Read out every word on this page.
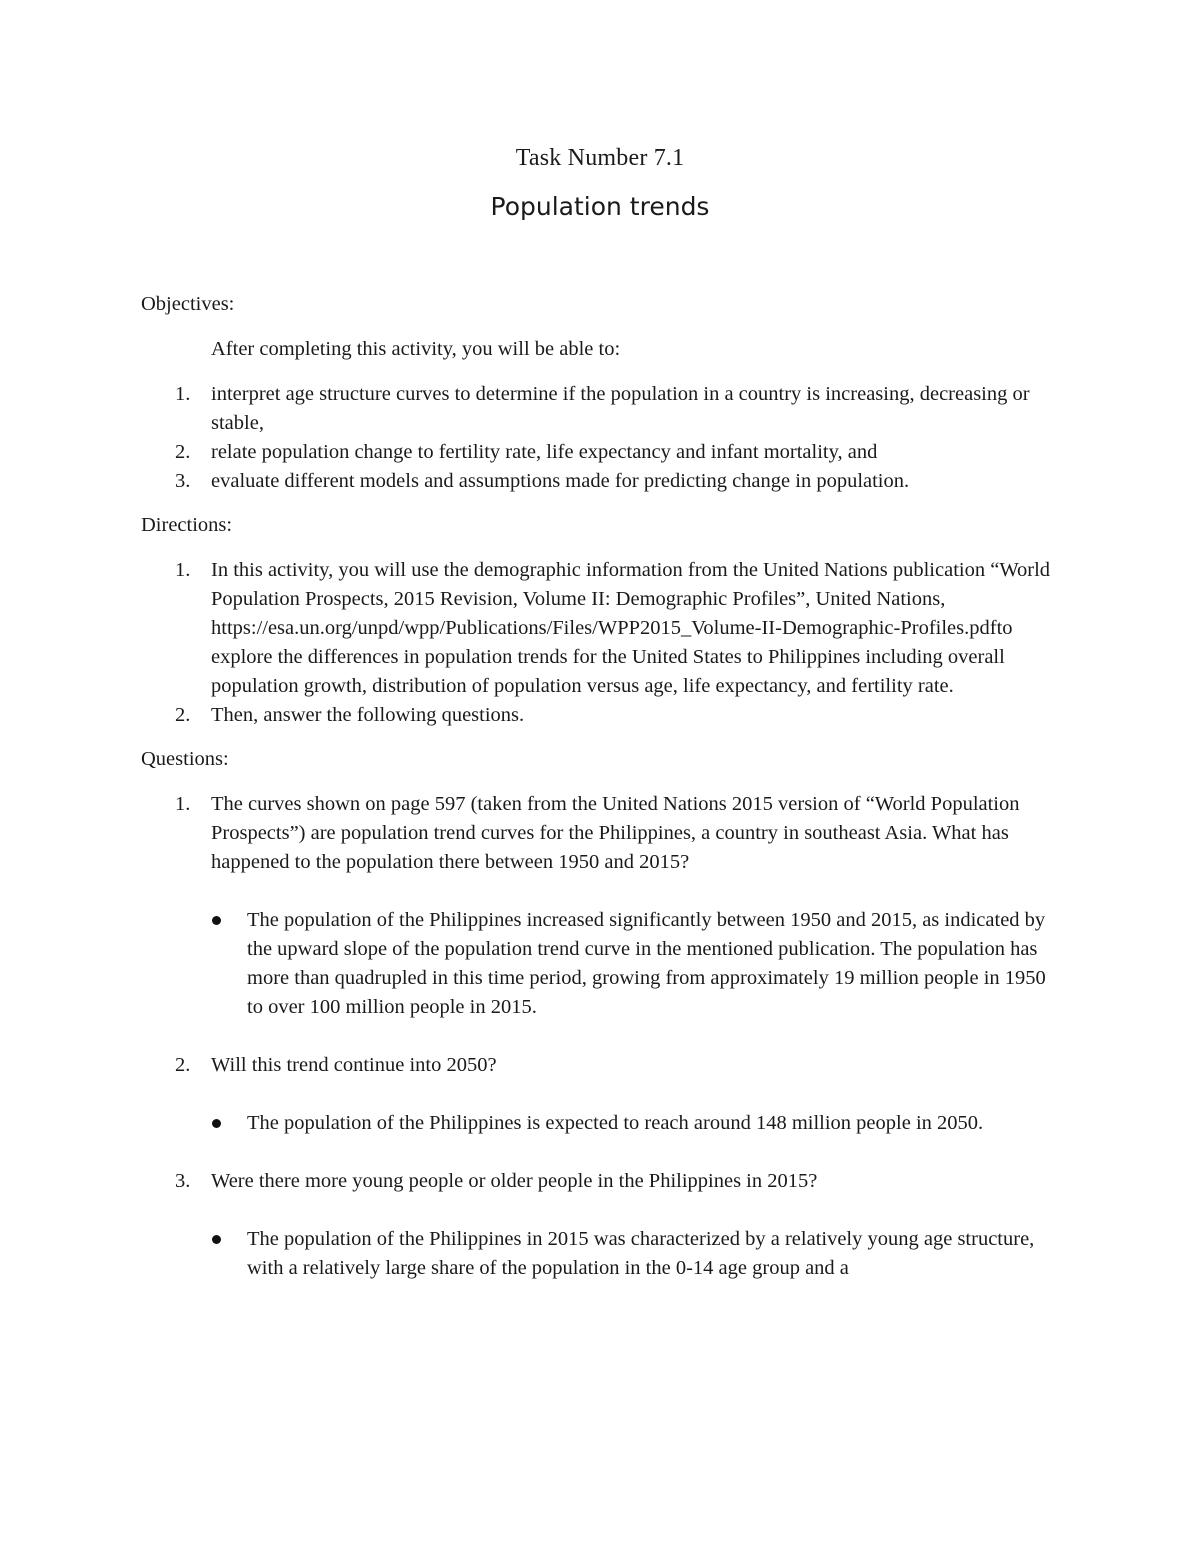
Task Number 7.1
Population trends

Objectives:

After completing this activity, you will be able to:

1.	interpret age structure curves to determine if the population in a country is increasing, decreasing or stable,
2.	relate population change to fertility rate, life expectancy and infant mortality, and
3.	evaluate different models and assumptions made for predicting change in population.

Directions:

1.	In this activity, you will use the demographic information from the United Nations publication “World Population Prospects, 2015 Revision, Volume II: Demographic Profiles”, United Nations, https://esa.un.org/unpd/wpp/Publications/Files/WPP2015_Volume-II-Demographic-Profiles.pdfto explore the differences in population trends for the United States to Philippines including overall population growth, distribution of population versus age, life expectancy, and fertility rate.
2.	Then, answer the following questions.

Questions:

1.	The curves shown on page 597 (taken from the United Nations 2015 version of “World Population Prospects”) are population trend curves for the Philippines, a country in southeast Asia. What has happened to the population there between 1950 and 2015?
The population of the Philippines increased significantly between 1950 and 2015, as indicated by the upward slope of the population trend curve in the mentioned publication. The population has more than quadrupled in this time period, growing from approximately 19 million people in 1950 to over 100 million people in 2015.
2.	Will this trend continue into 2050?
The population of the Philippines is expected to reach around 148 million people in 2050.
3.	Were there more young people or older people in the Philippines in 2015?
The population of the Philippines in 2015 was characterized by a relatively young age structure, with a relatively large share of the population in the 0-14 age group and a
